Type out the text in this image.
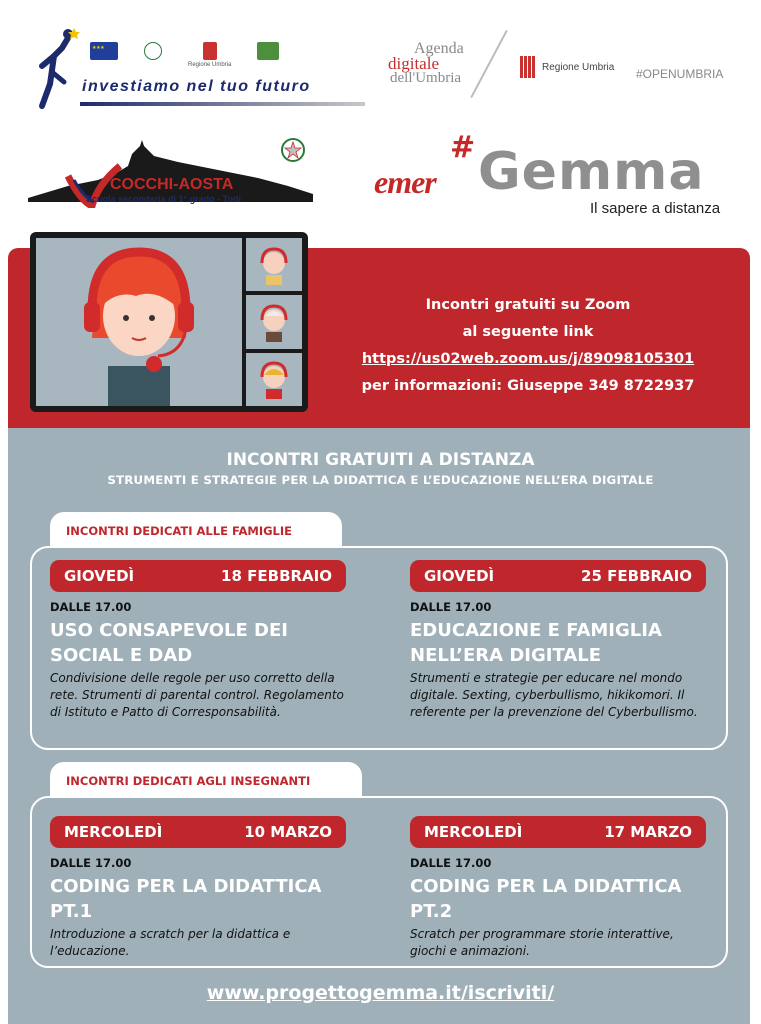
★ ★ ★
Regione Umbria
investiamo nel tuo futuro
Agenda
digitale
dell'Umbria
Regione Umbria #OPENUMBRIA
COCCHI-AOSTA
Scuola secondaria di 1° grado - Todi
#
emer Gemma
Il sapere a distanza
Incontri gratuiti su Zoom
al seguente link
https://us02web.zoom.us/j/89098105301
per informazioni: Giuseppe 349 8722937
INCONTRI GRATUITI A DISTANZA
STRUMENTI E STRATEGIE PER LA DIDATTICA E L’EDUCAZIONE NELL’ERA DIGITALE
INCONTRI DEDICATI ALLE FAMIGLIE
GIOVEDÌ	18 FEBBRAIO
DALLE 17.00
USO CONSAPEVOLE DEI SOCIAL E DAD
Condivisione delle regole per uso corretto della rete. Strumenti di parental control. Regolamento di Istituto e Patto di Corresponsabilità.
GIOVEDÌ	25 FEBBRAIO
DALLE 17.00
EDUCAZIONE E FAMIGLIA NELL’ERA DIGITALE
Strumenti e strategie per educare nel mondo digitale. Sexting, cyberbullismo, hikikomori. Il referente per la prevenzione del Cyberbullismo.
INCONTRI DEDICATI AGLI INSEGNANTI
MERCOLEDÌ	10 MARZO
DALLE 17.00
CODING PER LA DIDATTICA PT.1
Introduzione a scratch per la didattica e l’educazione.
MERCOLEDÌ	17 MARZO
DALLE 17.00
CODING PER LA DIDATTICA PT.2
Scratch per programmare storie interattive, giochi e animazioni.
www.progettogemma.it/iscriviti/
